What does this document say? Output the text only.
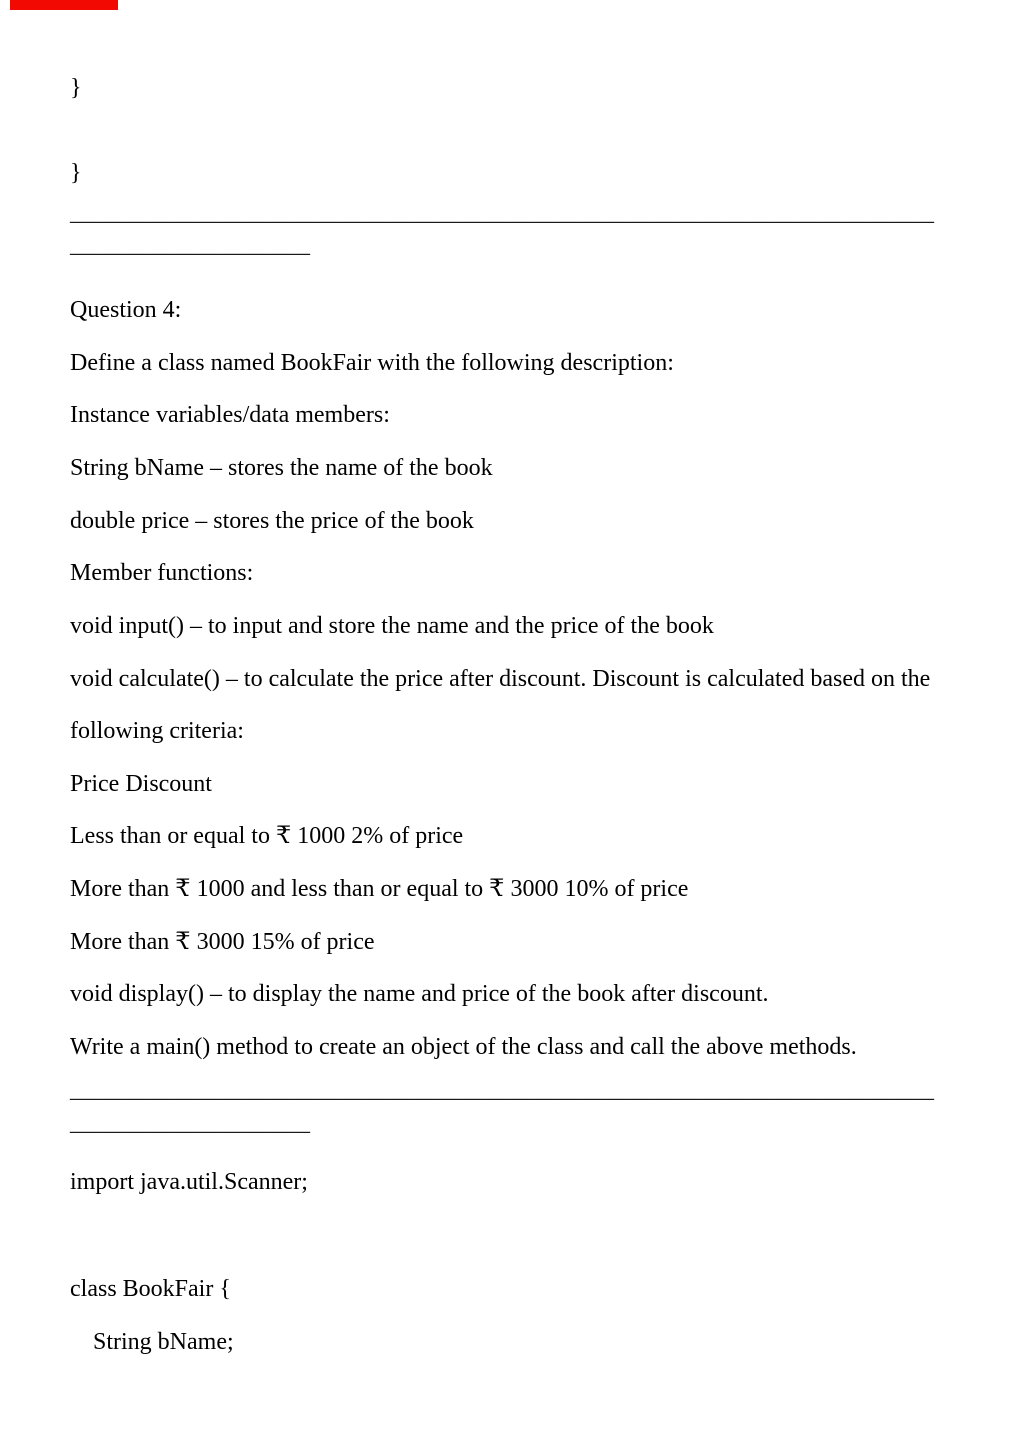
}
}
________________________________________________________________________
____________________
Question 4:
Define a class named BookFair with the following description:
Instance variables/data members:
String bName – stores the name of the book
double price – stores the price of the book
Member functions:
void input() – to input and store the name and the price of the book
void calculate() – to calculate the price after discount. Discount is calculated based on the
following criteria:
Price Discount
Less than or equal to ₹ 1000 2% of price
More than ₹ 1000 and less than or equal to ₹ 3000 10% of price
More than ₹ 3000 15% of price
void display() – to display the name and price of the book after discount.
Write a main() method to create an object of the class and call the above methods.
________________________________________________________________________
____________________
import java.util.Scanner;
class BookFair {
String bName;
